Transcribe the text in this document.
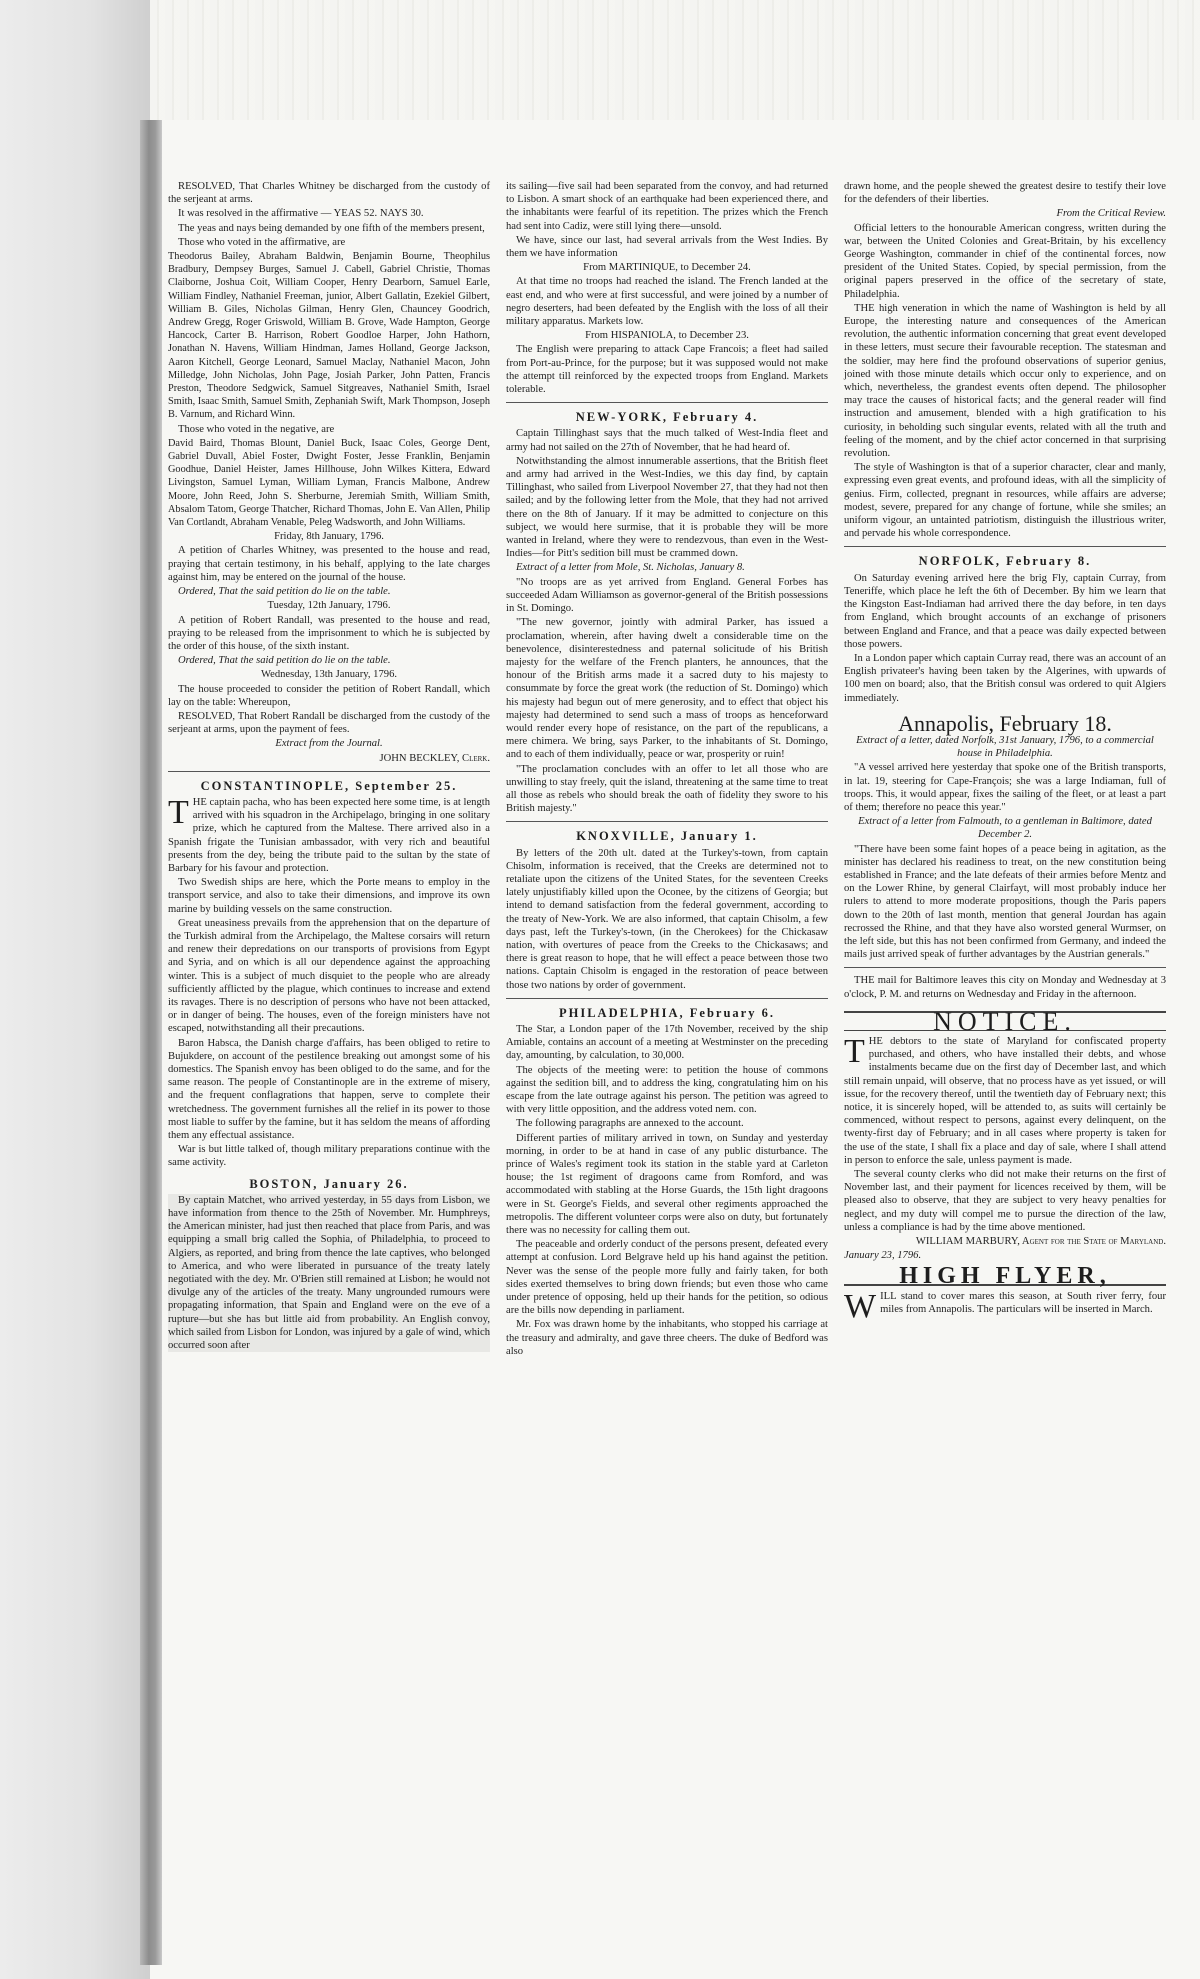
RESOLVED, That Charles Whitney be discharged from the custody of the serjeant at arms.

It was resolved in the affirmative — YEAS 52. NAYS 30.

The yeas and nays being demanded by one fifth of the members present,

Those who voted in the affirmative, are

Theodorus Bailey, Abraham Baldwin, Benjamin Bourne, Theophilus Bradbury, Dempsey Burges, Samuel J. Cabell, Gabriel Christie, Thomas Claiborne, Joshua Coit, William Cooper, Henry Dearborn, Samuel Earle, William Findley, Nathaniel Freeman, junior, Albert Gallatin, Ezekiel Gilbert, William B. Giles, Nicholas Gilman, Henry Glen, Chauncey Goodrich, Andrew Gregg, Roger Griswold, William B. Grove, Wade Hampton, George Hancock, Carter B. Harrison, Robert Goodloe Harper, John Hathorn, Jonathan N. Havens, William Hindman, James Holland, George Jackson, Aaron Kitchell, George Leonard, Samuel Maclay, Nathaniel Macon, John Milledge, John Nicholas, John Page, Josiah Parker, John Patten, Francis Preston, Theodore Sedgwick, Samuel Sitgreaves, Nathaniel Smith, Israel Smith, Isaac Smith, Samuel Smith, Zephaniah Swift, Mark Thompson, Joseph B. Varnum, and Richard Winn.

Those who voted in the negative, are

David Baird, Thomas Blount, Daniel Buck, Isaac Coles, George Dent, Gabriel Duvall, Abiel Foster, Dwight Foster, Jesse Franklin, Benjamin Goodhue, Daniel Heister, James Hillhouse, John Wilkes Kittera, Edward Livingston, Samuel Lyman, William Lyman, Francis Malbone, Andrew Moore, John Reed, John S. Sherburne, Jeremiah Smith, William Smith, Absalom Tatom, George Thatcher, Richard Thomas, John E. Van Allen, Philip Van Cortlandt, Abraham Venable, Peleg Wadsworth, and John Williams.

Friday, 8th January, 1796.

A petition of Charles Whitney, was presented to the house and read, praying that certain testimony, in his behalf, applying to the late charges against him, may be entered on the journal of the house.

Ordered, That the said petition do lie on the table.

Tuesday, 12th January, 1796.

A petition of Robert Randall, was presented to the house and read, praying to be released from the imprisonment to which he is subjected by the order of this house, of the sixth instant.

Ordered, That the said petition do lie on the table.

Wednesday, 13th January, 1796.

The house proceeded to consider the petition of Robert Randall, which lay on the table: Whereupon,

RESOLVED, That Robert Randall be discharged from the custody of the serjeant at arms, upon the payment of fees.

Extract from the Journal.

JOHN BECKLEY, Clerk.

CONSTANTINOPLE, September 25.

THE captain pacha, who has been expected here some time, is at length arrived with his squadron in the Archipelago, bringing in one solitary prize, which he captured from the Maltese. There arrived also in a Spanish frigate the Tunisian ambassador, with very rich and beautiful presents from the dey, being the tribute paid to the sultan by the state of Barbary for his favour and protection.

Two Swedish ships are here, which the Porte means to employ in the transport service, and also to take their dimensions, and improve its own marine by building vessels on the same construction.

Great uneasiness prevails from the apprehension that on the departure of the Turkish admiral from the Archipelago, the Maltese corsairs will return and renew their depredations on our transports of provisions from Egypt and Syria, and on which is all our dependence against the approaching winter. This is a subject of much disquiet to the people who are already sufficiently afflicted by the plague, which continues to increase and extend its ravages. There is no description of persons who have not been attacked, or in danger of being. The houses, even of the foreign ministers have not escaped, notwithstanding all their precautions.

Baron Habsca, the Danish charge d'affairs, has been obliged to retire to Bujukdere, on account of the pestilence breaking out amongst some of his domestics. The Spanish envoy has been obliged to do the same, and for the same reason. The people of Constantinople are in the extreme of misery, and the frequent conflagrations that happen, serve to complete their wretchedness. The government furnishes all the relief in its power to those most liable to suffer by the famine, but it has seldom the means of affording them any effectual assistance.

War is but little talked of, though military preparations continue with the same activity.

BOSTON, January 26.

By captain Matchet, who arrived yesterday, in 55 days from Lisbon, we have information from thence to the 25th of November. Mr. Humphreys, the American minister, had just then reached that place from Paris, and was equipping a small brig called the Sophia, of Philadelphia, to proceed to Algiers, as reported, and bring from thence the late captives, who belonged to America, and who were liberated in pursuance of the treaty lately negotiated with the dey. Mr. O'Brien still remained at Lisbon; he would not divulge any of the articles of the treaty. Many ungrounded rumours were propagating information, that Spain and England were on the eve of a rupture—but she has but little aid from probability. An English convoy, which sailed from Lisbon for London, was injured by a gale of wind, which occurred soon after

its sailing—five sail had been separated from the convoy, and had returned to Lisbon. A smart shock of an earthquake had been experienced there, and the inhabitants were fearful of its repetition. The prizes which the French had sent into Cadiz, were still lying there—unsold.

We have, since our last, had several arrivals from the West Indies. By them we have information

From MARTINIQUE, to December 24.

At that time no troops had reached the island. The French landed at the east end, and who were at first successful, and were joined by a number of negro deserters, had been defeated by the English with the loss of all their military apparatus. Markets low.

From HISPANIOLA, to December 23.

The English were preparing to attack Cape Francois; a fleet had sailed from Port-au-Prince, for the purpose; but it was supposed would not make the attempt till reinforced by the expected troops from England. Markets tolerable.

NEW-YORK, February 4.

Captain Tillinghast says that the much talked of West-India fleet and army had not sailed on the 27th of November, that he had heard of.

Notwithstanding the almost innumerable assertions, that the British fleet and army had arrived in the West-Indies, we this day find, by captain Tillinghast, who sailed from Liverpool November 27, that they had not then sailed; and by the following letter from the Mole, that they had not arrived there on the 8th of January. If it may be admitted to conjecture on this subject, we would here surmise, that it is probable they will be more wanted in Ireland, where they were to rendezvous, than even in the West-Indies—for Pitt's sedition bill must be crammed down.

Extract of a letter from Mole, St. Nicholas, January 8.

"No troops are as yet arrived from England. General Forbes has succeeded Adam Williamson as governor-general of the British possessions in St. Domingo.

"The new governor, jointly with admiral Parker, has issued a proclamation, wherein, after having dwelt a considerable time on the benevolence, disinterestedness and paternal solicitude of his British majesty for the welfare of the French planters, he announces, that the honour of the British arms made it a sacred duty to his majesty to consummate by force the great work (the reduction of St. Domingo) which his majesty had begun out of mere generosity, and to effect that object his majesty had determined to send such a mass of troops as henceforward would render every hope of resistance, on the part of the republicans, a mere chimera. We bring, says Parker, to the inhabitants of St. Domingo, and to each of them individually, peace or war, prosperity or ruin!

"The proclamation concludes with an offer to let all those who are unwilling to stay freely, quit the island, threatening at the same time to treat all those as rebels who should break the oath of fidelity they swore to his British majesty."

KNOXVILLE, January 1.

By letters of the 20th ult. dated at the Turkey's-town, from captain Chisolm, information is received, that the Creeks are determined not to retaliate upon the citizens of the United States, for the seventeen Creeks lately unjustifiably killed upon the Oconee, by the citizens of Georgia; but intend to demand satisfaction from the federal government, according to the treaty of New-York. We are also informed, that captain Chisolm, a few days past, left the Turkey's-town, (in the Cherokees) for the Chickasaw nation, with overtures of peace from the Creeks to the Chickasaws; and there is great reason to hope, that he will effect a peace between those two nations. Captain Chisolm is engaged in the restoration of peace between those two nations by order of government.

PHILADELPHIA, February 6.

The Star, a London paper of the 17th November, received by the ship Amiable, contains an account of a meeting at Westminster on the preceding day, amounting, by calculation, to 30,000.

The objects of the meeting were: to petition the house of commons against the sedition bill, and to address the king, congratulating him on his escape from the late outrage against his person. The petition was agreed to with very little opposition, and the address voted nem. con.

The following paragraphs are annexed to the account.

Different parties of military arrived in town, on Sunday and yesterday morning, in order to be at hand in case of any public disturbance. The prince of Wales's regiment took its station in the stable yard at Carleton house; the 1st regiment of dragoons came from Romford, and was accommodated with stabling at the Horse Guards, the 15th light dragoons were in St. George's Fields, and several other regiments approached the metropolis. The different volunteer corps were also on duty, but fortunately there was no necessity for calling them out.

The peaceable and orderly conduct of the persons present, defeated every attempt at confusion. Lord Belgrave held up his hand against the petition. Never was the sense of the people more fully and fairly taken, for both sides exerted themselves to bring down friends; but even those who came under pretence of opposing, held up their hands for the petition, so odious are the bills now depending in parliament.

Mr. Fox was drawn home by the inhabitants, who stopped his carriage at the treasury and admiralty, and gave three cheers. The duke of Bedford was also

drawn home, and the people shewed the greatest desire to testify their love for the defenders of their liberties.

From the Critical Review.

Official letters to the honourable American congress, written during the war, between the United Colonies and Great-Britain, by his excellency George Washington, commander in chief of the continental forces, now president of the United States. Copied, by special permission, from the original papers preserved in the office of the secretary of state, Philadelphia.

THE high veneration in which the name of Washington is held by all Europe, the interesting nature and consequences of the American revolution, the authentic information concerning that great event developed in these letters, must secure their favourable reception. The statesman and the soldier, may here find the profound observations of superior genius, joined with those minute details which occur only to experience, and on which, nevertheless, the grandest events often depend. The philosopher may trace the causes of historical facts; and the general reader will find instruction and amusement, blended with a high gratification to his curiosity, in beholding such singular events, related with all the truth and feeling of the moment, and by the chief actor concerned in that surprising revolution.

The style of Washington is that of a superior character, clear and manly, expressing even great events, and profound ideas, with all the simplicity of genius. Firm, collected, pregnant in resources, while affairs are adverse; modest, severe, prepared for any change of fortune, while she smiles; an uniform vigour, an untainted patriotism, distinguish the illustrious writer, and pervade his whole correspondence.

NORFOLK, February 8.

On Saturday evening arrived here the brig Fly, captain Curray, from Teneriffe, which place he left the 6th of December. By him we learn that the Kingston East-Indiaman had arrived there the day before, in ten days from England, which brought accounts of an exchange of prisoners between England and France, and that a peace was daily expected between those powers.

In a London paper which captain Curray read, there was an account of an English privateer's having been taken by the Algerines, with upwards of 100 men on board; also, that the British consul was ordered to quit Algiers immediately.

Annapolis, February 18.

Extract of a letter, dated Norfolk, 31st January, 1796, to a commercial house in Philadelphia.

"A vessel arrived here yesterday that spoke one of the British transports, in lat. 19, steering for Cape-François; she was a large Indiaman, full of troops. This, it would appear, fixes the sailing of the fleet, or at least a part of them; therefore no peace this year."

Extract of a letter from Falmouth, to a gentleman in Baltimore, dated December 2.

"There have been some faint hopes of a peace being in agitation, as the minister has declared his readiness to treat, on the new constitution being established in France; and the late defeats of their armies before Mentz and on the Lower Rhine, by general Clairfayt, will most probably induce her rulers to attend to more moderate propositions, though the Paris papers down to the 20th of last month, mention that general Jourdan has again recrossed the Rhine, and that they have also worsted general Wurmser, on the left side, but this has not been confirmed from Germany, and indeed the mails just arrived speak of further advantages by the Austrian generals."

THE mail for Baltimore leaves this city on Monday and Wednesday at 3 o'clock, P. M. and returns on Wednesday and Friday in the afternoon.

NOTICE.

THE debtors to the state of Maryland for confiscated property purchased, and others, who have installed their debts, and whose instalments became due on the first day of December last, and which still remain unpaid, will observe, that no process have as yet issued, or will issue, for the recovery thereof, until the twentieth day of February next; this notice, it is sincerely hoped, will be attended to, as suits will certainly be commenced, without respect to persons, against every delinquent, on the twenty-first day of February; and in all cases where property is taken for the use of the state, I shall fix a place and day of sale, where I shall attend in person to enforce the sale, unless payment is made.

The several county clerks who did not make their returns on the first of November last, and their payment for licences received by them, will be pleased also to observe, that they are subject to very heavy penalties for neglect, and my duty will compel me to pursue the direction of the law, unless a compliance is had by the time above mentioned.

WILLIAM MARBURY, Agent for the State of Maryland.

January 23, 1796.

HIGH FLYER,

WILL stand to cover mares this season, at South river ferry, four miles from Annapolis. The particulars will be inserted in March.
